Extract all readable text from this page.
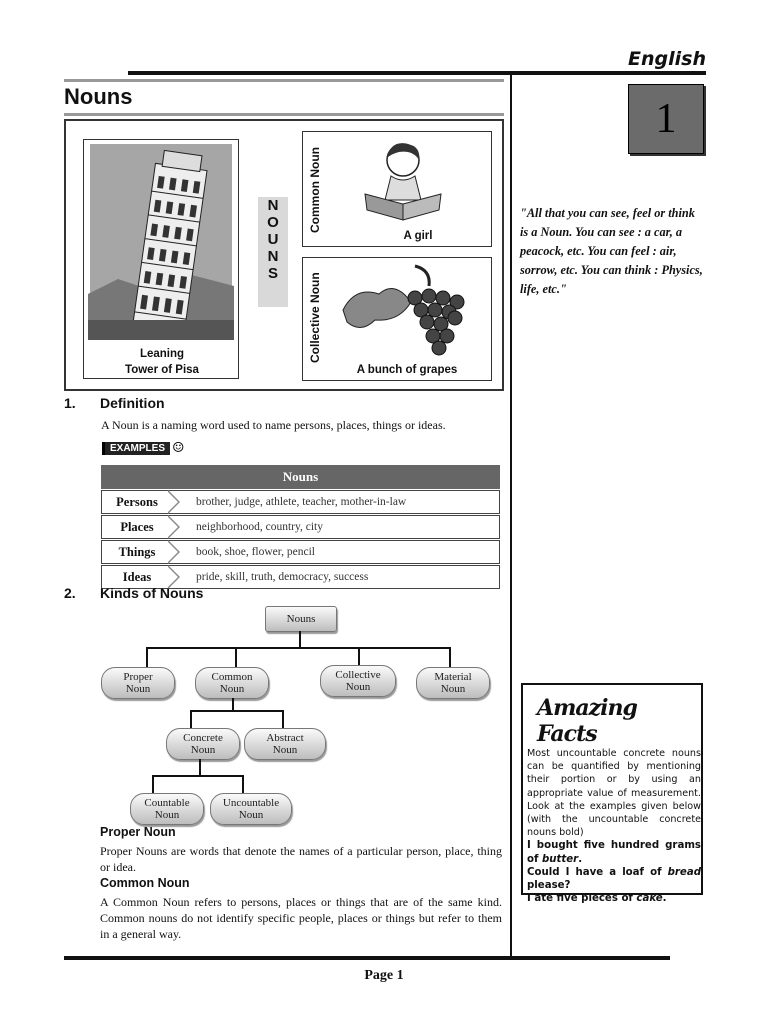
English
Nouns	1
"All that you can see, feel or think is a Noun. You can see : a car, a peacock, etc. You can feel : air, sorrow, etc. You can think : Physics, life, etc."
Leaning
Tower of Pisa
N
O
U
N
S
Common Noun
A girl
Collective Noun
A bunch of grapes
1. Definition
A Noun is a naming word used to name persons, places, things or ideas.
EXAMPLES ☺
Nouns
Persons	brother, judge, athlete, teacher, mother-in-law
Places	neighborhood, country, city
Things	book, shoe, flower, pencil
Ideas	pride, skill, truth, democracy, success
2. Kinds of Nouns
Nouns
Proper
Noun
Common
Noun
Collective
Noun
Material
Noun
Concrete
Noun
Abstract
Noun
Countable
Noun
Uncountable
Noun
Proper Noun
Proper Nouns are words that denote the names of a particular person, place, thing or idea.
Common Noun
A Common Noun refers to persons, places or things that are of the same kind. Common nouns do not identify specific people, places or things but refer to them in a general way.
Amazing Facts
Most uncountable concrete nouns can be quantified by mentioning their portion or by using an appropriate value of measurement. Look at the examples given below (with the uncountable concrete nouns bold)
I bought five hundred grams of butter.
Could I have a loaf of bread please?
I ate five pieces of cake.
Page 1
